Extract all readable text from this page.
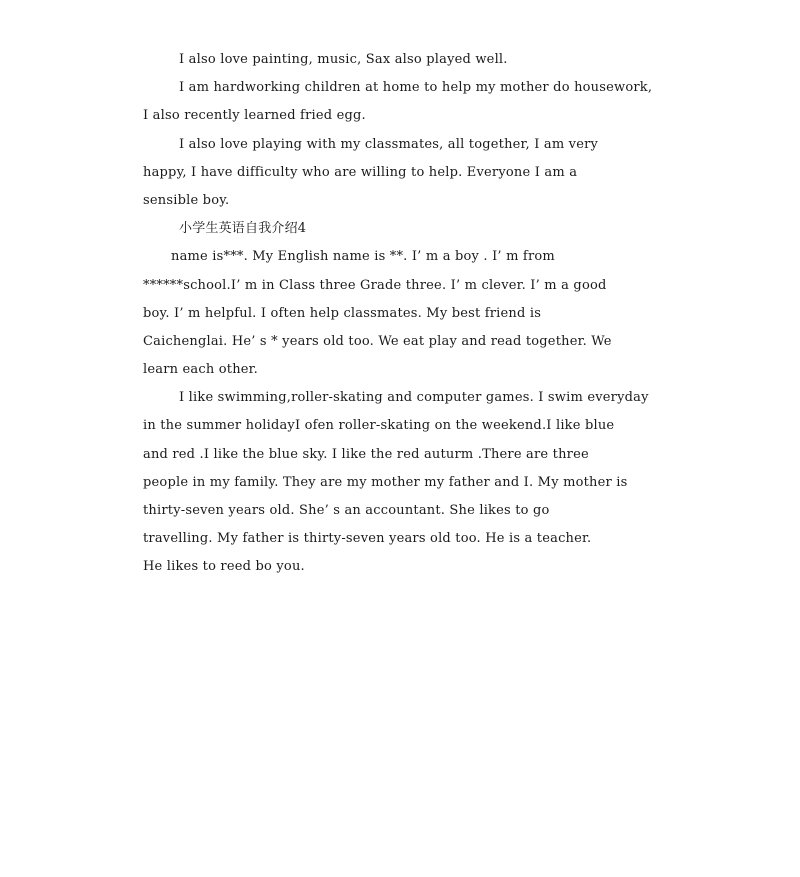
I also love painting, music, Sax also played well.
I am hardworking children at home to help my mother do housework,
I also recently learned fried egg.
I also love playing with my classmates, all together, I am very
happy, I have difficulty who are willing to help. Everyone I am a
sensible boy.
小学生英语自我介绍4
name is***. My English name is **. I’ m a boy . I’ m from
******school.I’ m in Class three Grade three. I’ m clever. I’ m a good
boy. I’ m helpful. I often help classmates. My best friend is
Caichenglai. He’ s * years old too. We eat play and read together. We
learn each other.
I like swimming,roller-skating and computer games. I swim everyday
in the summer holidayI ofen roller-skating on the weekend.I like blue
and red .I like the blue sky. I like the red auturm .There are three
people in my family. They are my mother my father and I. My mother is
thirty-seven years old. She’ s an accountant. She likes to go
travelling. My father is thirty-seven years old too. He is a teacher.
He likes to reed bo you.
